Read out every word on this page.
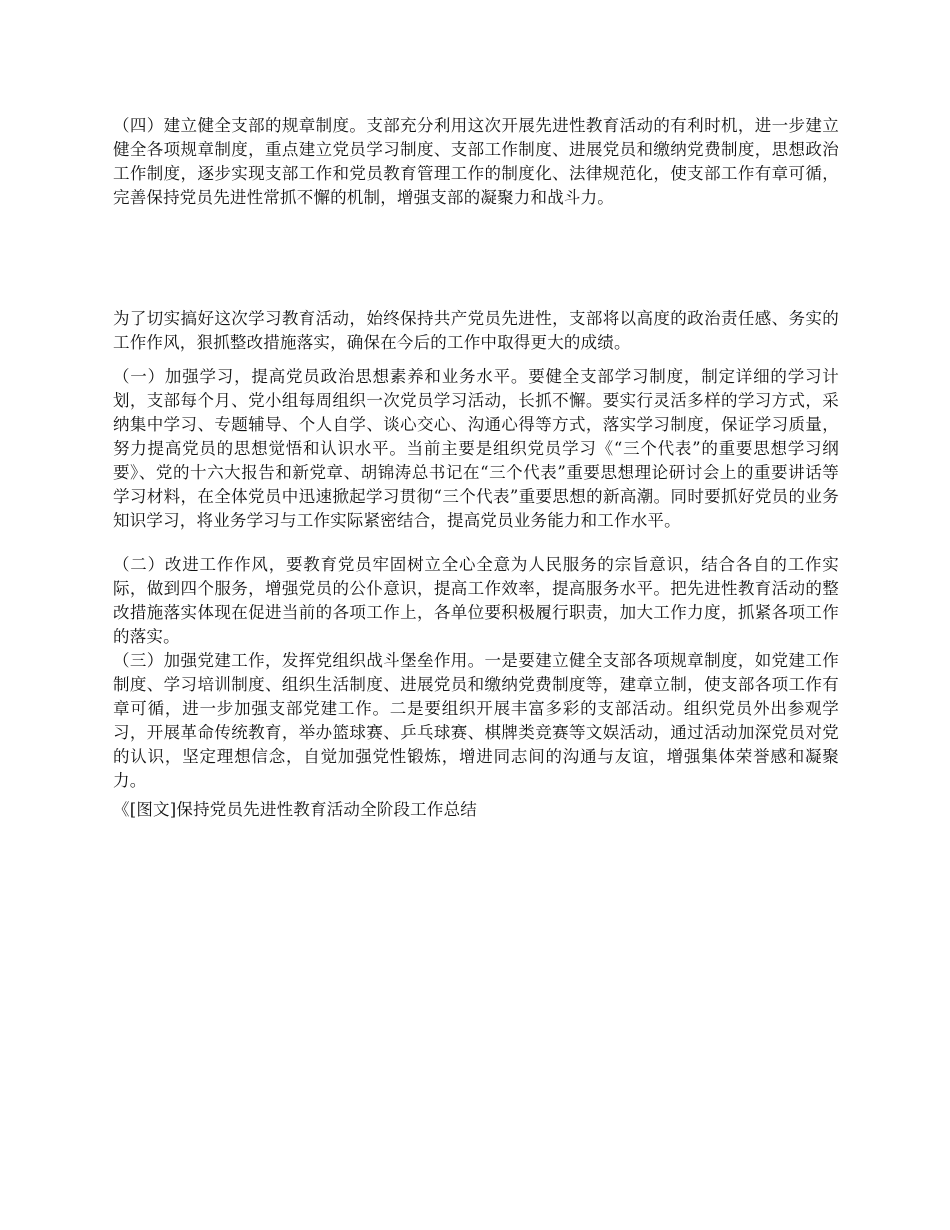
（四）建立健全支部的规章制度。支部充分利用这次开展先进性教育活动的有利时机，进一步建立健全各项规章制度，重点建立党员学习制度、支部工作制度、进展党员和缴纳党费制度，思想政治工作制度，逐步实现支部工作和党员教育管理工作的制度化、法律规范化，使支部工作有章可循，完善保持党员先进性常抓不懈的机制，增强支部的凝聚力和战斗力。
为了切实搞好这次学习教育活动，始终保持共产党员先进性，支部将以高度的政治责任感、务实的工作作风，狠抓整改措施落实，确保在今后的工作中取得更大的成绩。
（一）加强学习，提高党员政治思想素养和业务水平。要健全支部学习制度，制定详细的学习计划，支部每个月、党小组每周组织一次党员学习活动，长抓不懈。要实行灵活多样的学习方式，采纳集中学习、专题辅导、个人自学、谈心交心、沟通心得等方式，落实学习制度，保证学习质量，努力提高党员的思想觉悟和认识水平。当前主要是组织党员学习《“三个代表”的重要思想学习纲要》、党的十六大报告和新党章、胡锦涛总书记在“三个代表”重要思想理论研讨会上的重要讲话等学习材料，在全体党员中迅速掀起学习贯彻“三个代表”重要思想的新高潮。同时要抓好党员的业务知识学习，将业务学习与工作实际紧密结合，提高党员业务能力和工作水平。
（二）改进工作作风，要教育党员牢固树立全心全意为人民服务的宗旨意识，结合各自的工作实际，做到四个服务，增强党员的公仆意识，提高工作效率，提高服务水平。把先进性教育活动的整改措施落实体现在促进当前的各项工作上，各单位要积极履行职责，加大工作力度，抓紧各项工作的落实。
（三）加强党建工作，发挥党组织战斗堡垒作用。一是要建立健全支部各项规章制度，如党建工作制度、学习培训制度、组织生活制度、进展党员和缴纳党费制度等，建章立制，使支部各项工作有章可循，进一步加强支部党建工作。二是要组织开展丰富多彩的支部活动。组织党员外出参观学习，开展革命传统教育，举办篮球赛、乒乓球赛、棋牌类竞赛等文娱活动，通过活动加深党员对党的认识，坚定理想信念，自觉加强党性锻炼，增进同志间的沟通与友谊，增强集体荣誉感和凝聚力。
《[图文]保持党员先进性教育活动全阶段工作总结
